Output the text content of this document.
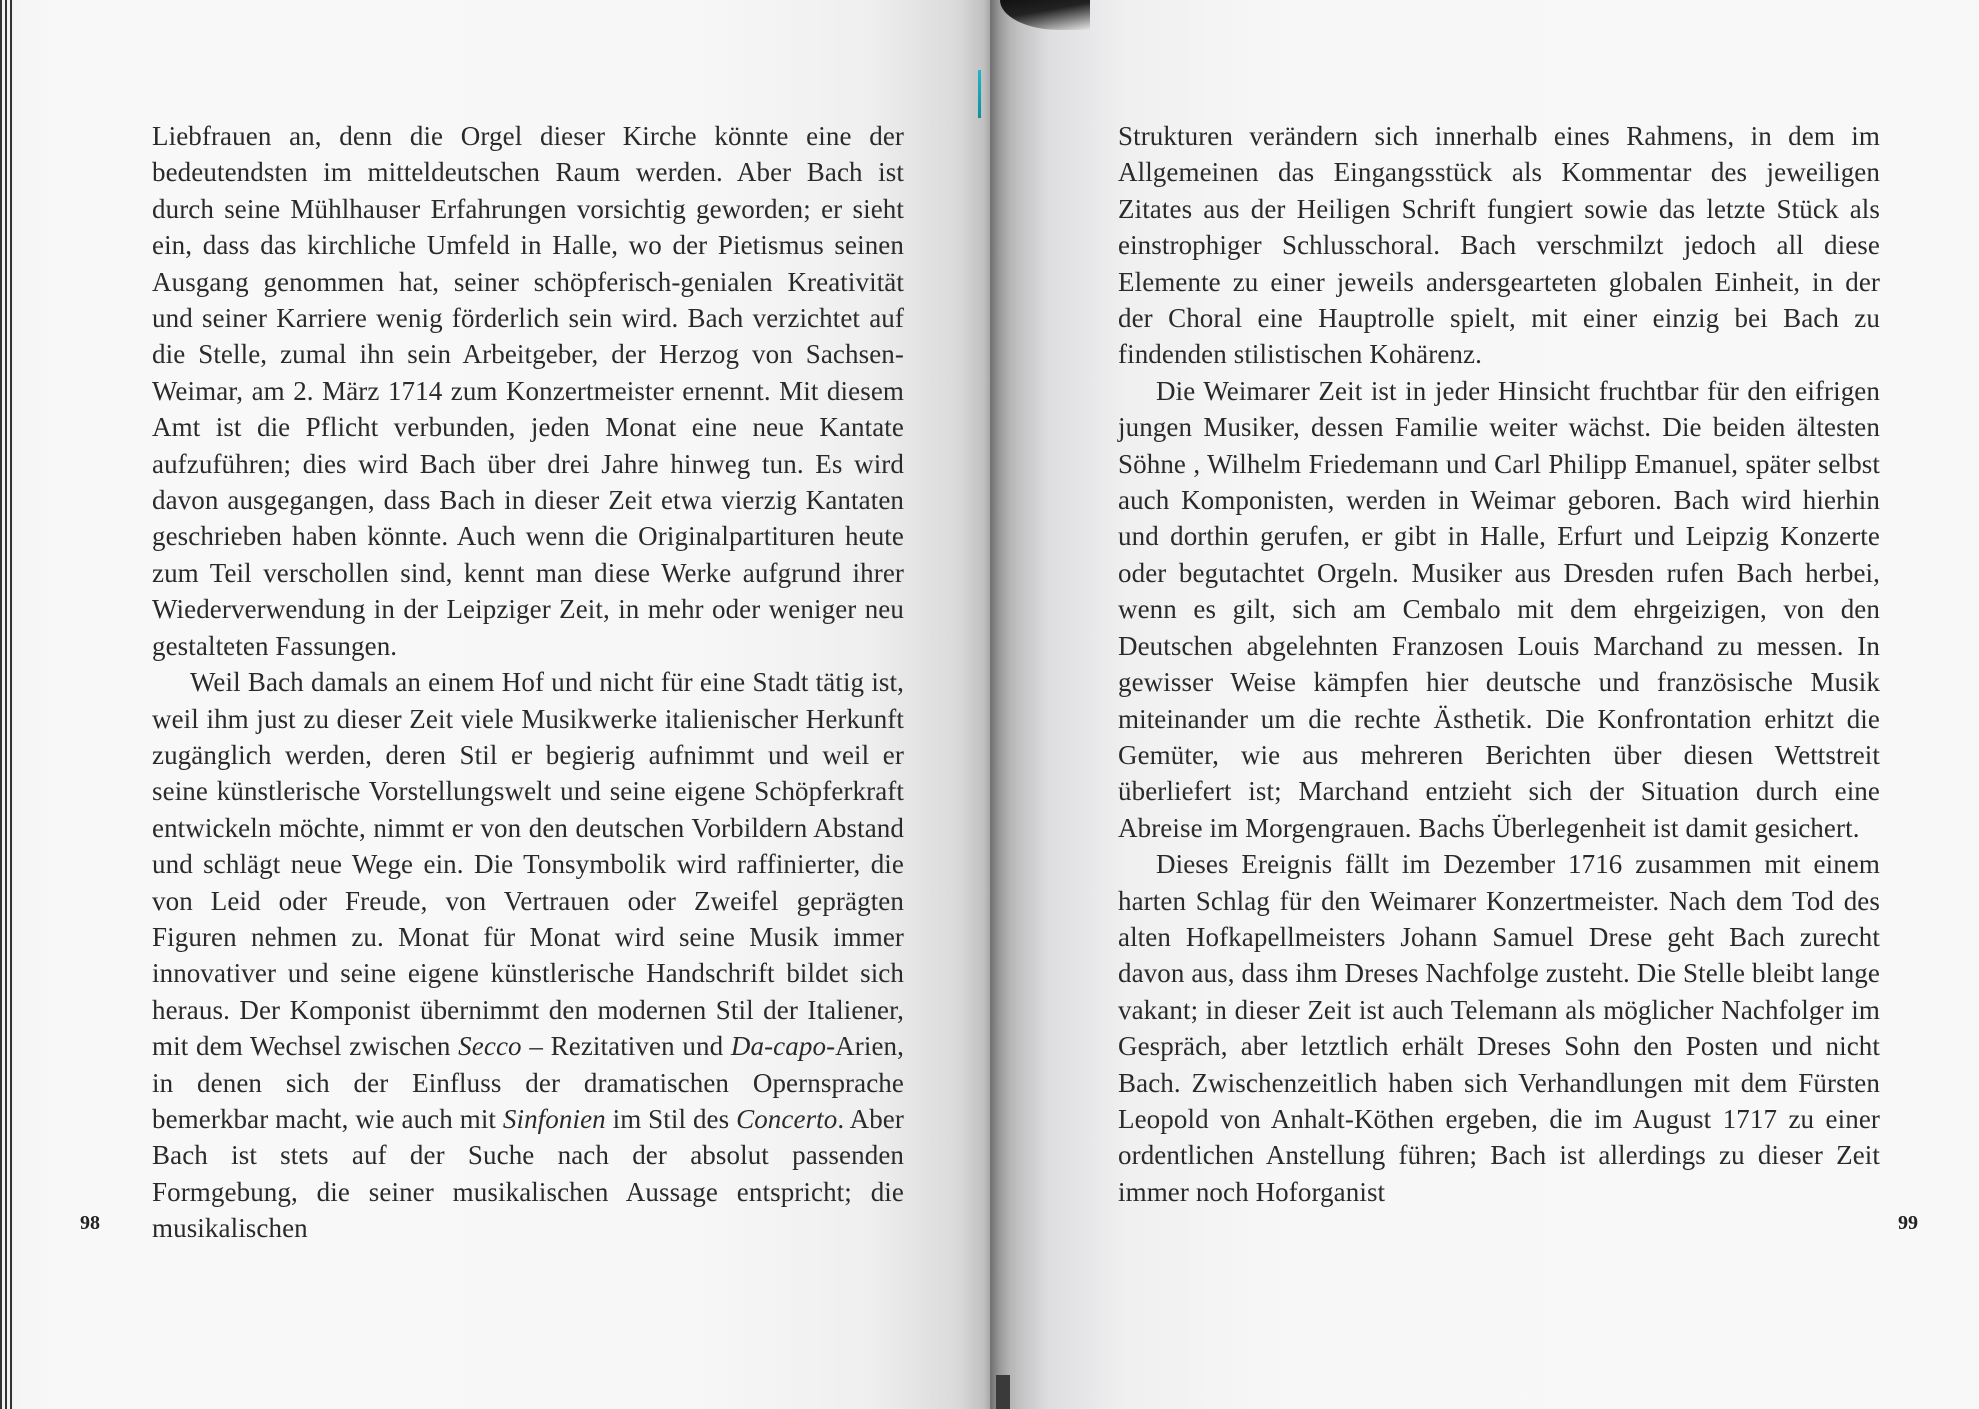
Liebfrauen an, denn die Orgel dieser Kirche könnte eine der bedeutendsten im mitteldeutschen Raum werden. Aber Bach ist durch seine Mühlhauser Erfahrungen vorsichtig geworden; er sieht ein, dass das kirchliche Umfeld in Halle, wo der Pietismus seinen Ausgang genommen hat, seiner schöpferisch-genialen Kreativität und seiner Karriere wenig förderlich sein wird. Bach verzichtet auf die Stelle, zumal ihn sein Arbeitgeber, der Herzog von Sachsen-Weimar, am 2. März 1714 zum Konzertmeister ernennt. Mit diesem Amt ist die Pflicht verbunden, jeden Monat eine neue Kantate aufzuführen; dies wird Bach über drei Jahre hinweg tun. Es wird davon ausgegangen, dass Bach in dieser Zeit etwa vierzig Kantaten geschrieben haben könnte. Auch wenn die Originalpartituren heute zum Teil verschollen sind, kennt man diese Werke aufgrund ihrer Wiederverwendung in der Leipziger Zeit, in mehr oder weniger neu gestalteten Fassungen.

Weil Bach damals an einem Hof und nicht für eine Stadt tätig ist, weil ihm just zu dieser Zeit viele Musikwerke italienischer Herkunft zugänglich werden, deren Stil er begierig aufnimmt und weil er seine künstlerische Vorstellungswelt und seine eigene Schöpferkraft entwickeln möchte, nimmt er von den deutschen Vorbildern Abstand und schlägt neue Wege ein. Die Tonsymbolik wird raffinierter, die von Leid oder Freude, von Vertrauen oder Zweifel geprägten Figuren nehmen zu. Monat für Monat wird seine Musik immer innovativer und seine eigene künstlerische Handschrift bildet sich heraus. Der Komponist übernimmt den modernen Stil der Italiener, mit dem Wechsel zwischen Secco – Rezitativen und Da-capo-Arien, in denen sich der Einfluss der dramatischen Opernsprache bemerkbar macht, wie auch mit Sinfonien im Stil des Concerto. Aber Bach ist stets auf der Suche nach der absolut passenden Formgebung, die seiner musikalischen Aussage entspricht; die musikalischen

98

Strukturen verändern sich innerhalb eines Rahmens, in dem im Allgemeinen das Eingangsstück als Kommentar des jeweiligen Zitates aus der Heiligen Schrift fungiert sowie das letzte Stück als einstrophiger Schlusschoral. Bach verschmilzt jedoch all diese Elemente zu einer jeweils andersgearteten globalen Einheit, in der der Choral eine Hauptrolle spielt, mit einer einzig bei Bach zu findenden stilistischen Kohärenz.

Die Weimarer Zeit ist in jeder Hinsicht fruchtbar für den eifrigen jungen Musiker, dessen Familie weiter wächst. Die beiden ältesten Söhne , Wilhelm Friedemann und Carl Philipp Emanuel, später selbst auch Komponisten, werden in Weimar geboren. Bach wird hierhin und dorthin gerufen, er gibt in Halle, Erfurt und Leipzig Konzerte oder begutachtet Orgeln. Musiker aus Dresden rufen Bach herbei, wenn es gilt, sich am Cembalo mit dem ehrgeizigen, von den Deutschen abgelehnten Franzosen Louis Marchand zu messen. In gewisser Weise kämpfen hier deutsche und französische Musik miteinander um die rechte Ästhetik. Die Konfrontation erhitzt die Gemüter, wie aus mehreren Berichten über diesen Wettstreit überliefert ist; Marchand entzieht sich der Situation durch eine Abreise im Morgengrauen. Bachs Überlegenheit ist damit gesichert.

Dieses Ereignis fällt im Dezember 1716 zusammen mit einem harten Schlag für den Weimarer Konzertmeister. Nach dem Tod des alten Hofkapellmeisters Johann Samuel Drese geht Bach zurecht davon aus, dass ihm Dreses Nachfolge zusteht. Die Stelle bleibt lange vakant; in dieser Zeit ist auch Telemann als möglicher Nachfolger im Gespräch, aber letztlich erhält Dreses Sohn den Posten und nicht Bach. Zwischenzeitlich haben sich Verhandlungen mit dem Fürsten Leopold von Anhalt-Köthen ergeben, die im August 1717 zu einer ordentlichen Anstellung führen; Bach ist allerdings zu dieser Zeit immer noch Hoforganist

99
